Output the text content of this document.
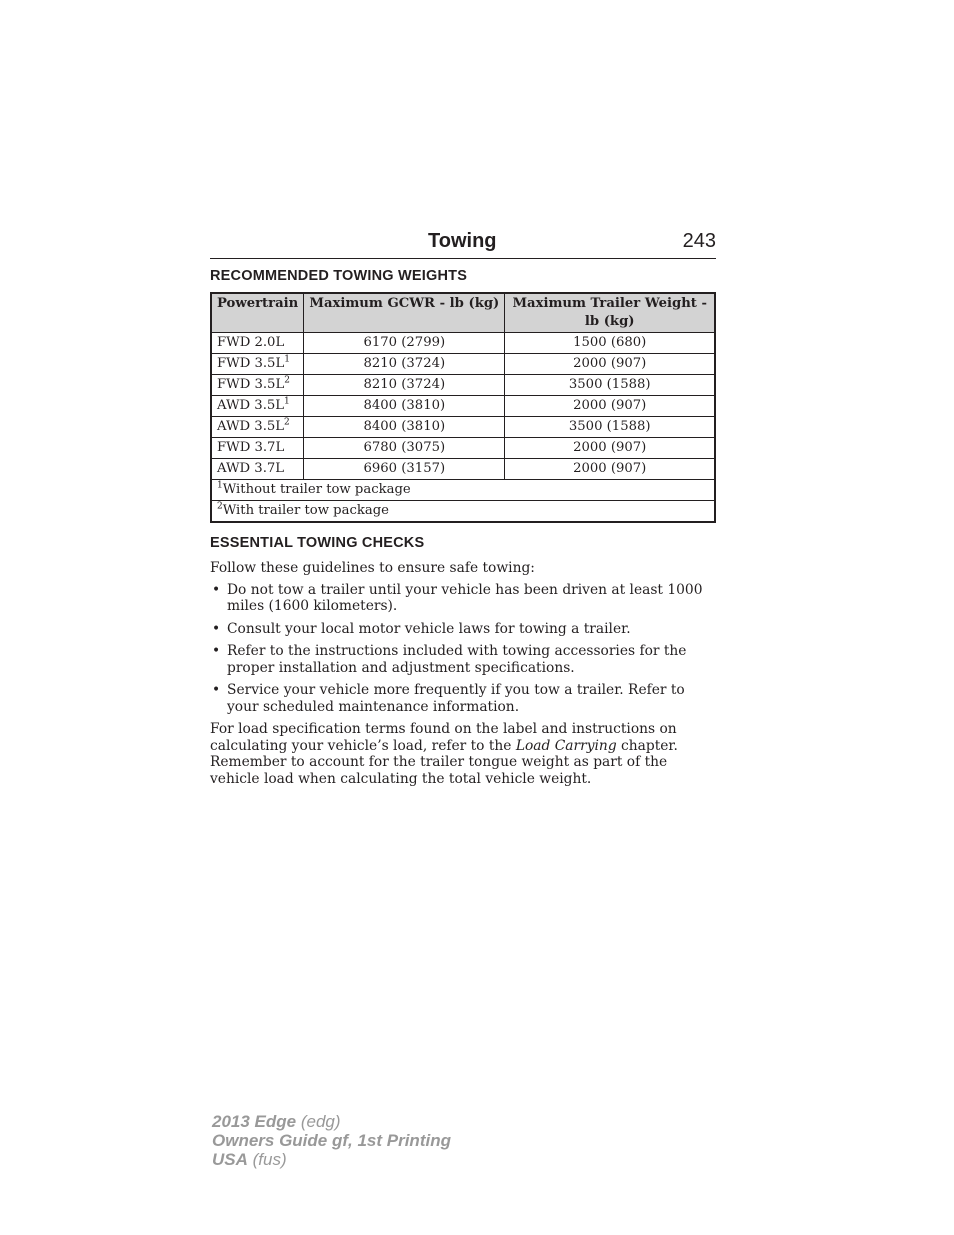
Towing	243
RECOMMENDED TOWING WEIGHTS
Powertrain	Maximum GCWR - lb (kg)	Maximum Trailer Weight - lb (kg)
FWD 2.0L	6170 (2799)	1500 (680)
FWD $3.5L^1$	8210 (3724)	2000 (907)
FWD $3.5L^2$	8210 (3724)	3500 (1588)
AWD $3.5L^1$	8400 (3810)	2000 (907)
AWD $3.5L^2$	8400 (3810)	3500 (1588)
FWD 3.7L	6780 (3075)	2000 (907)
AWD 3.7L	6960 (3157)	2000 (907)
$^1$Without trailer tow package		
$^2$With trailer tow package		
ESSENTIAL TOWING CHECKS

Follow these guidelines to ensure safe towing:

• Do not tow a trailer until your vehicle has been driven at least 1000 miles (1600 kilometers).
• Consult your local motor vehicle laws for towing a trailer.
• Refer to the instructions included with towing accessories for the proper installation and adjustment specifications.
• Service your vehicle more frequently if you tow a trailer. Refer to your scheduled maintenance information.

For load specification terms found on the label and instructions on calculating your vehicle’s load, refer to the Load Carrying chapter. Remember to account for the trailer tongue weight as part of the vehicle load when calculating the total vehicle weight.

2013 Edge (edg)
Owners Guide gf, 1st Printing
USA (fus)
